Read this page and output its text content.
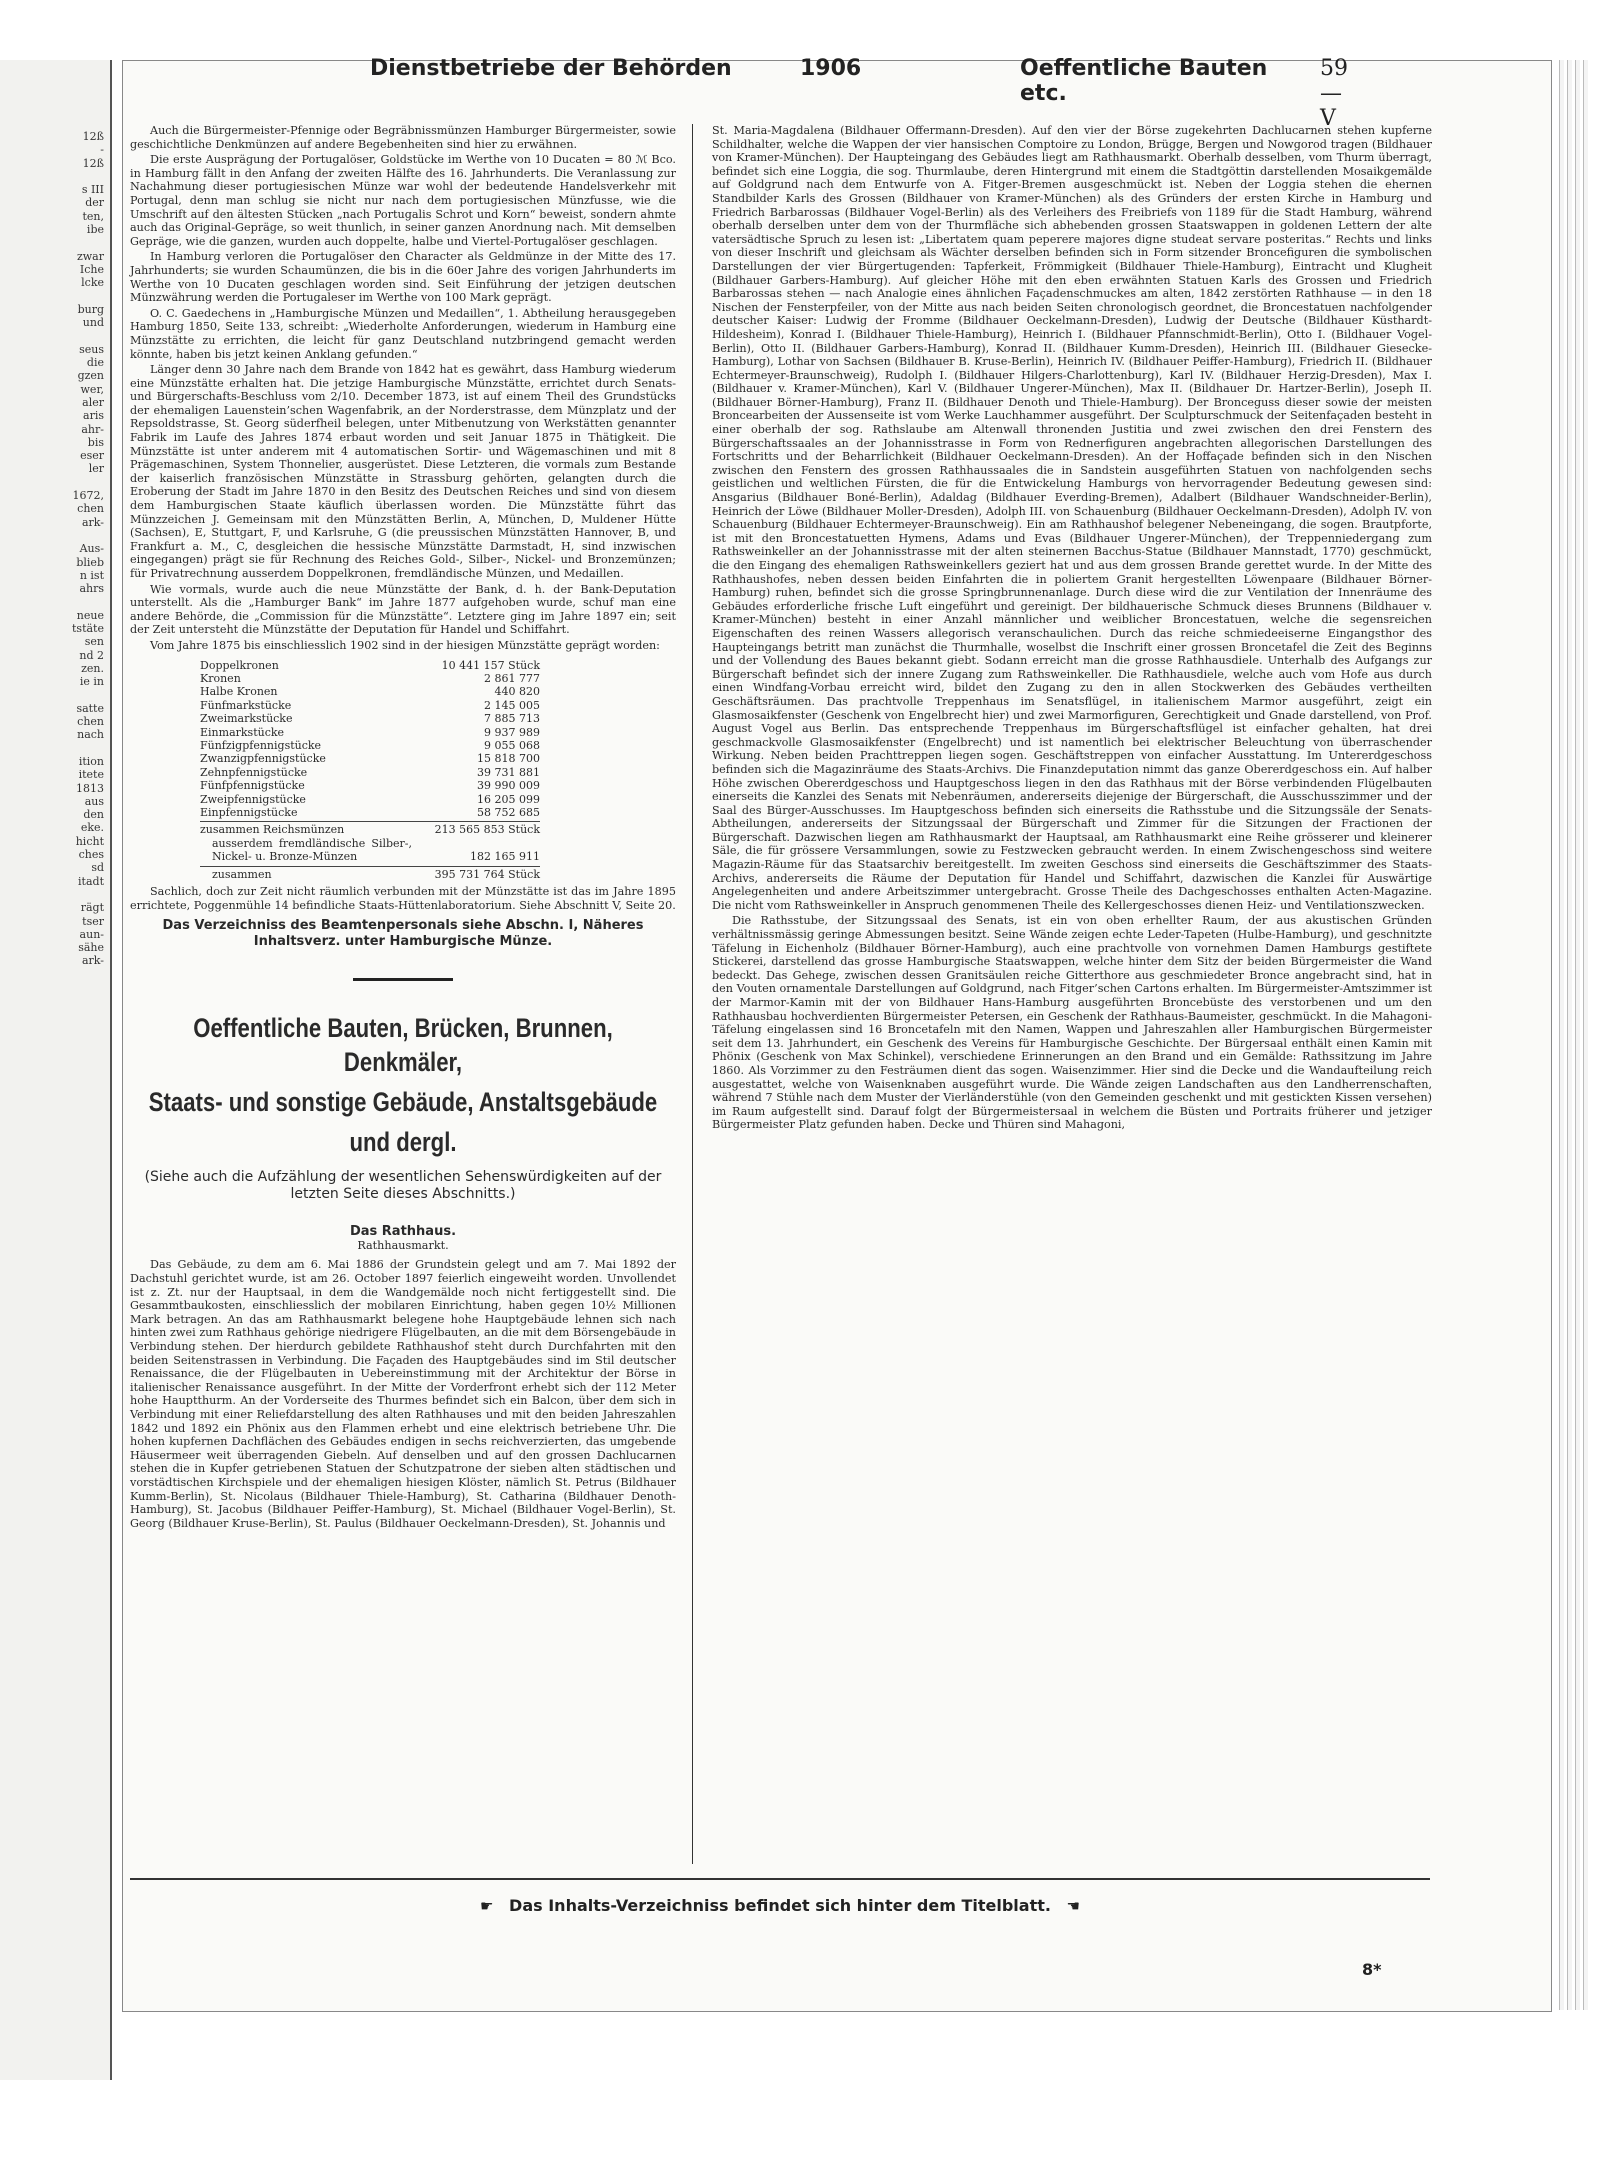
12ß
-
12ß

s III
der
ten,
ibe

zwar
Iche
lcke

burg
und

seus
die
gzen
wer,
aler
aris
ahr-
bis
eser
ler

1672,
chen
ark-

Aus-
blieb
n ist
ahrs

neue
tstäte
sen
nd 2
zen.
ie in

satte
chen
nach

ition
itete
1813
aus
den
eke.
hicht
ches
sd
itadt

rägt
tser
aun-
sähe
ark-
Dienstbetriebe der Behörden	1906	Oeffentliche Bauten etc.
59—V

Auch die Bürgermeister-Pfennige oder Begräbnissmünzen Hamburger Bürgermeister, sowie geschichtliche Denkmünzen auf andere Begebenheiten sind hier zu erwähnen.

Die erste Ausprägung der Portugalöser, Goldstücke im Werthe von 10 Ducaten = 80 ℳ Bco. in Hamburg fällt in den Anfang der zweiten Hälfte des 16. Jahrhunderts. Die Veranlassung zur Nachahmung dieser portugiesischen Münze war wohl der bedeutende Handelsverkehr mit Portugal, denn man schlug sie nicht nur nach dem portugiesischen Münzfusse, wie die Umschrift auf den ältesten Stücken „nach Portugalis Schrot und Korn“ beweist, sondern ahmte auch das Original-Gepräge, so weit thunlich, in seiner ganzen Anordnung nach. Mit demselben Gepräge, wie die ganzen, wurden auch doppelte, halbe und Viertel-Portugalöser geschlagen.

In Hamburg verloren die Portugalöser den Character als Geldmünze in der Mitte des 17. Jahrhunderts; sie wurden Schaumünzen, die bis in die 60er Jahre des vorigen Jahrhunderts im Werthe von 10 Ducaten geschlagen worden sind. Seit Einführung der jetzigen deutschen Münzwährung werden die Portugaleser im Werthe von 100 Mark geprägt.

O. C. Gaedechens in „Hamburgische Münzen und Medaillen“, 1. Abtheilung herausgegeben Hamburg 1850, Seite 133, schreibt: „Wiederholte Anforderungen, wiederum in Hamburg eine Münzstätte zu errichten, die leicht für ganz Deutschland nutzbringend gemacht werden könnte, haben bis jetzt keinen Anklang gefunden.“

Länger denn 30 Jahre nach dem Brande von 1842 hat es gewährt, dass Hamburg wiederum eine Münzstätte erhalten hat. Die jetzige Hamburgische Münzstätte, errichtet durch Senats- und Bürgerschafts-Beschluss vom 2/10. December 1873, ist auf einem Theil des Grundstücks der ehemaligen Lauenstein’schen Wagenfabrik, an der Norderstrasse, dem Münzplatz und der Repsoldstrasse, St. Georg süderfheil belegen, unter Mitbenutzung von Werkstätten genannter Fabrik im Laufe des Jahres 1874 erbaut worden und seit Januar 1875 in Thätigkeit. Die Münzstätte ist unter anderem mit 4 automatischen Sortir- und Wägemaschinen und mit 8 Prägemaschinen, System Thonnelier, ausgerüstet. Diese Letzteren, die vormals zum Bestande der kaiserlich französischen Münzstätte in Strassburg gehörten, gelangten durch die Eroberung der Stadt im Jahre 1870 in den Besitz des Deutschen Reiches und sind von diesem dem Hamburgischen Staate käuflich überlassen worden. Die Münzstätte führt das Münzzeichen J. Gemeinsam mit den Münzstätten Berlin, A, München, D, Muldener Hütte (Sachsen), E, Stuttgart, F, und Karlsruhe, G (die preussischen Münzstätten Hannover, B, und Frankfurt a. M., C, desgleichen die hessische Münzstätte Darmstadt, H, sind inzwischen eingegangen) prägt sie für Rechnung des Reiches Gold-, Silber-, Nickel- und Bronzemünzen; für Privatrechnung ausserdem Doppelkronen, fremdländische Münzen, und Medaillen.

Wie vormals, wurde auch die neue Münzstätte der Bank, d. h. der Bank-Deputation unterstellt. Als die „Hamburger Bank“ im Jahre 1877 aufgehoben wurde, schuf man eine andere Behörde, die „Commission für die Münzstätte“. Letztere ging im Jahre 1897 ein; seit der Zeit untersteht die Münzstätte der Deputation für Handel und Schiffahrt.

Vom Jahre 1875 bis einschliesslich 1902 sind in der hiesigen Münzstätte geprägt worden:

Doppelkronen	10 441 157 Stück
Kronen	2 861 777
Halbe Kronen	440 820
Fünfmarkstücke	2 145 005
Zweimarkstücke	7 885 713
Einmarkstücke	9 937 989
Fünfzigpfennigstücke	9 055 068
Zwanzigpfennigstücke	15 818 700
Zehnpfennigstücke	39 731 881
Fünfpfennigstücke	39 990 009
Zweipfennigstücke	16 205 099
Einpfennigstücke	58 752 685
zusammen Reichsmünzen	213 565 853 Stück
ausserdem fremdländische Silber-, Nickel- u. Bronze-Münzen	182 165 911
zusammen	395 731 764 Stück

Sachlich, doch zur Zeit nicht räumlich verbunden mit der Münzstätte ist das im Jahre 1895 errichtete, Poggenmühle 14 befindliche Staats-Hüttenlaboratorium. Siehe Abschnitt V, Seite 20.

Das Verzeichniss des Beamtenpersonals siehe Abschn. I, Näheres Inhaltsverz. unter Hamburgische Münze.
Oeffentliche Bauten, Brücken, Brunnen, Denkmäler,
Staats- und sonstige Gebäude, Anstaltsgebäude
und dergl.
(Siehe auch die Aufzählung der wesentlichen Sehenswürdigkeiten auf der letzten Seite dieses Abschnitts.)
Das Rathhaus.
Rathhausmarkt.

Das Gebäude, zu dem am 6. Mai 1886 der Grundstein gelegt und am 7. Mai 1892 der Dachstuhl gerichtet wurde, ist am 26. October 1897 feierlich eingeweiht worden. Unvollendet ist z. Zt. nur der Hauptsaal, in dem die Wandgemälde noch nicht fertiggestellt sind. Die Gesammtbaukosten, einschliesslich der mobilaren Einrichtung, haben gegen 10½ Millionen Mark betragen. An das am Rathhausmarkt belegene hohe Hauptgebäude lehnen sich nach hinten zwei zum Rathhaus gehörige niedrigere Flügelbauten, an die mit dem Börsengebäude in Verbindung stehen. Der hierdurch gebildete Rathhaushof steht durch Durchfahrten mit den beiden Seitenstrassen in Verbindung. Die Façaden des Hauptgebäudes sind im Stil deutscher Renaissance, die der Flügelbauten in Uebereinstimmung mit der Architektur der Börse in italienischer Renaissance ausgeführt. In der Mitte der Vorderfront erhebt sich der 112 Meter hohe Hauptthurm. An der Vorderseite des Thurmes befindet sich ein Balcon, über dem sich in Verbindung mit einer Reliefdarstellung des alten Rathhauses und mit den beiden Jahreszahlen 1842 und 1892 ein Phönix aus den Flammen erhebt und eine elektrisch betriebene Uhr. Die hohen kupfernen Dachflächen des Gebäudes endigen in sechs reichverzierten, das umgebende Häusermeer weit überragenden Giebeln. Auf denselben und auf den grossen Dachlucarnen stehen die in Kupfer getriebenen Statuen der Schutzpatrone der sieben alten städtischen und vorstädtischen Kirchspiele und der ehemaligen hiesigen Klöster, nämlich St. Petrus (Bildhauer Kumm-Berlin), St. Nicolaus (Bildhauer Thiele-Hamburg), St. Catharina (Bildhauer Denoth-Hamburg), St. Jacobus (Bildhauer Peiffer-Hamburg), St. Michael (Bildhauer Vogel-Berlin), St. Georg (Bildhauer Kruse-Berlin), St. Paulus (Bildhauer Oeckelmann-Dresden), St. Johannis und

St. Maria-Magdalena (Bildhauer Offermann-Dresden). Auf den vier der Börse zugekehrten Dachlucarnen stehen kupferne Schildhalter, welche die Wappen der vier hansischen Comptoire zu London, Brügge, Bergen und Nowgorod tragen (Bildhauer von Kramer-München). Der Haupteingang des Gebäudes liegt am Rathhausmarkt. Oberhalb desselben, vom Thurm überragt, befindet sich eine Loggia, die sog. Thurmlaube, deren Hintergrund mit einem die Stadtgöttin darstellenden Mosaikgemälde auf Goldgrund nach dem Entwurfe von A. Fitger-Bremen ausgeschmückt ist. Neben der Loggia stehen die ehernen Standbilder Karls des Grossen (Bildhauer von Kramer-München) als des Gründers der ersten Kirche in Hamburg und Friedrich Barbarossas (Bildhauer Vogel-Berlin) als des Verleihers des Freibriefs von 1189 für die Stadt Hamburg, während oberhalb derselben unter dem von der Thurmfläche sich abhebenden grossen Staatswappen in goldenen Lettern der alte vatersädtische Spruch zu lesen ist: „Libertatem quam peperere majores digne studeat servare posteritas.“ Rechts und links von dieser Inschrift und gleichsam als Wächter derselben befinden sich in Form sitzender Broncefiguren die symbolischen Darstellungen der vier Bürgertugenden: Tapferkeit, Frömmigkeit (Bildhauer Thiele-Hamburg), Eintracht und Klugheit (Bildhauer Garbers-Hamburg). Auf gleicher Höhe mit den eben erwähnten Statuen Karls des Grossen und Friedrich Barbarossas stehen — nach Analogie eines ähnlichen Façadenschmuckes am alten, 1842 zerstörten Rathhause — in den 18 Nischen der Fensterpfeiler, von der Mitte aus nach beiden Seiten chronologisch geordnet, die Broncestatuen nachfolgender deutscher Kaiser: Ludwig der Fromme (Bildhauer Oeckelmann-Dresden), Ludwig der Deutsche (Bildhauer Küsthardt-Hildesheim), Konrad I. (Bildhauer Thiele-Hamburg), Heinrich I. (Bildhauer Pfannschmidt-Berlin), Otto I. (Bildhauer Vogel-Berlin), Otto II. (Bildhauer Garbers-Hamburg), Konrad II. (Bildhauer Kumm-Dresden), Heinrich III. (Bildhauer Giesecke-Hamburg), Lothar von Sachsen (Bildhauer B. Kruse-Berlin), Heinrich IV. (Bildhauer Peiffer-Hamburg), Friedrich II. (Bildhauer Echtermeyer-Braunschweig), Rudolph I. (Bildhauer Hilgers-Charlottenburg), Karl IV. (Bildhauer Herzig-Dresden), Max I. (Bildhauer v. Kramer-München), Karl V. (Bildhauer Ungerer-München), Max II. (Bildhauer Dr. Hartzer-Berlin), Joseph II. (Bildhauer Börner-Hamburg), Franz II. (Bildhauer Denoth und Thiele-Hamburg). Der Bronceguss dieser sowie der meisten Broncearbeiten der Aussenseite ist vom Werke Lauchhammer ausgeführt. Der Sculpturschmuck der Seitenfaçaden besteht in einer oberhalb der sog. Rathslaube am Altenwall thronenden Justitia und zwei zwischen den drei Fenstern des Bürgerschaftssaales an der Johannisstrasse in Form von Rednerfiguren angebrachten allegorischen Darstellungen des Fortschritts und der Beharrlichkeit (Bildhauer Oeckelmann-Dresden). An der Hoffaçade befinden sich in den Nischen zwischen den Fenstern des grossen Rathhaussaales die in Sandstein ausgeführten Statuen von nachfolgenden sechs geistlichen und weltlichen Fürsten, die für die Entwickelung Hamburgs von hervorragender Bedeutung gewesen sind: Ansgarius (Bildhauer Boné-Berlin), Adaldag (Bildhauer Everding-Bremen), Adalbert (Bildhauer Wandschneider-Berlin), Heinrich der Löwe (Bildhauer Moller-Dresden), Adolph III. von Schauenburg (Bildhauer Oeckelmann-Dresden), Adolph IV. von Schauenburg (Bildhauer Echtermeyer-Braunschweig). Ein am Rathhaushof belegener Nebeneingang, die sogen. Brautpforte, ist mit den Broncestatuetten Hymens, Adams und Evas (Bildhauer Ungerer-München), der Treppenniedergang zum Rathsweinkeller an der Johannisstrasse mit der alten steinernen Bacchus-Statue (Bildhauer Mannstadt, 1770) geschmückt, die den Eingang des ehemaligen Rathsweinkellers geziert hat und aus dem grossen Brande gerettet wurde. In der Mitte des Rathhaushofes, neben dessen beiden Einfahrten die in poliertem Granit hergestellten Löwenpaare (Bildhauer Börner-Hamburg) ruhen, befindet sich die grosse Springbrunnenanlage. Durch diese wird die zur Ventilation der Innenräume des Gebäudes erforderliche frische Luft eingeführt und gereinigt. Der bildhauerische Schmuck dieses Brunnens (Bildhauer v. Kramer-München) besteht in einer Anzahl männlicher und weiblicher Broncestatuen, welche die segensreichen Eigenschaften des reinen Wassers allegorisch veranschaulichen. Durch das reiche schmiedeeiserne Eingangsthor des Haupteingangs betritt man zunächst die Thurmhalle, woselbst die Inschrift einer grossen Broncetafel die Zeit des Beginns und der Vollendung des Baues bekannt giebt. Sodann erreicht man die grosse Rathhausdiele. Unterhalb des Aufgangs zur Bürgerschaft befindet sich der innere Zugang zum Rathsweinkeller. Die Rathhausdiele, welche auch vom Hofe aus durch einen Windfang-Vorbau erreicht wird, bildet den Zugang zu den in allen Stockwerken des Gebäudes vertheilten Geschäftsräumen. Das prachtvolle Treppenhaus im Senatsflügel, in italienischem Marmor ausgeführt, zeigt ein Glasmosaikfenster (Geschenk von Engelbrecht hier) und zwei Marmorfiguren, Gerechtigkeit und Gnade darstellend, von Prof. August Vogel aus Berlin. Das entsprechende Treppenhaus im Bürgerschaftsflügel ist einfacher gehalten, hat drei geschmackvolle Glasmosaikfenster (Engelbrecht) und ist namentlich bei elektrischer Beleuchtung von überraschender Wirkung. Neben beiden Prachttreppen liegen sogen. Geschäftstreppen von einfacher Ausstattung. Im Untererdgeschoss befinden sich die Magazinräume des Staats-Archivs. Die Finanzdeputation nimmt das ganze Obererdgeschoss ein. Auf halber Höhe zwischen Obererdgeschoss und Hauptgeschoss liegen in den das Rathhaus mit der Börse verbindenden Flügelbauten einerseits die Kanzlei des Senats mit Nebenräumen, andererseits diejenige der Bürgerschaft, die Ausschusszimmer und der Saal des Bürger-Ausschusses. Im Hauptgeschoss befinden sich einerseits die Rathsstube und die Sitzungssäle der Senats-Abtheilungen, andererseits der Sitzungssaal der Bürgerschaft und Zimmer für die Sitzungen der Fractionen der Bürgerschaft. Dazwischen liegen am Rathhausmarkt der Hauptsaal, am Rathhausmarkt eine Reihe grösserer und kleinerer Säle, die für grössere Versammlungen, sowie zu Festzwecken gebraucht werden. In einem Zwischengeschoss sind weitere Magazin-Räume für das Staatsarchiv bereitgestellt. Im zweiten Geschoss sind einerseits die Geschäftszimmer des Staats-Archivs, andererseits die Räume der Deputation für Handel und Schiffahrt, dazwischen die Kanzlei für Auswärtige Angelegenheiten und andere Arbeitszimmer untergebracht. Grosse Theile des Dachgeschosses enthalten Acten-Magazine. Die nicht vom Rathsweinkeller in Anspruch genommenen Theile des Kellergeschosses dienen Heiz- und Ventilationszwecken.

Die Rathsstube, der Sitzungssaal des Senats, ist ein von oben erhellter Raum, der aus akustischen Gründen verhältnissmässig geringe Abmessungen besitzt. Seine Wände zeigen echte Leder-Tapeten (Hulbe-Hamburg), und geschnitzte Täfelung in Eichenholz (Bildhauer Börner-Hamburg), auch eine prachtvolle von vornehmen Damen Hamburgs gestiftete Stickerei, darstellend das grosse Hamburgische Staatswappen, welche hinter dem Sitz der beiden Bürgermeister die Wand bedeckt. Das Gehege, zwischen dessen Granitsäulen reiche Gitterthore aus geschmiedeter Bronce angebracht sind, hat in den Vouten ornamentale Darstellungen auf Goldgrund, nach Fitger’schen Cartons erhalten. Im Bürgermeister-Amtszimmer ist der Marmor-Kamin mit der von Bildhauer Hans-Hamburg ausgeführten Broncebüste des verstorbenen und um den Rathhausbau hochverdienten Bürgermeister Petersen, ein Geschenk der Rathhaus-Baumeister, geschmückt. In die Mahagoni-Täfelung eingelassen sind 16 Broncetafeln mit den Namen, Wappen und Jahreszahlen aller Hamburgischen Bürgermeister seit dem 13. Jahrhundert, ein Geschenk des Vereins für Hamburgische Geschichte. Der Bürgersaal enthält einen Kamin mit Phönix (Geschenk von Max Schinkel), verschiedene Erinnerungen an den Brand und ein Gemälde: Rathssitzung im Jahre 1860. Als Vorzimmer zu den Festräumen dient das sogen. Waisenzimmer. Hier sind die Decke und die Wandaufteilung reich ausgestattet, welche von Waisenknaben ausgeführt wurde. Die Wände zeigen Landschaften aus den Landherrenschaften, während 7 Stühle nach dem Muster der Vierländerstühle (von den Gemeinden geschenkt und mit gestickten Kissen versehen) im Raum aufgestellt sind. Darauf folgt der Bürgermeistersaal in welchem die Büsten und Portraits früherer und jetziger Bürgermeister Platz gefunden haben. Decke und Thüren sind Mahagoni,

☛ Das Inhalts-Verzeichniss befindet sich hinter dem Titelblatt. ☚
8*
